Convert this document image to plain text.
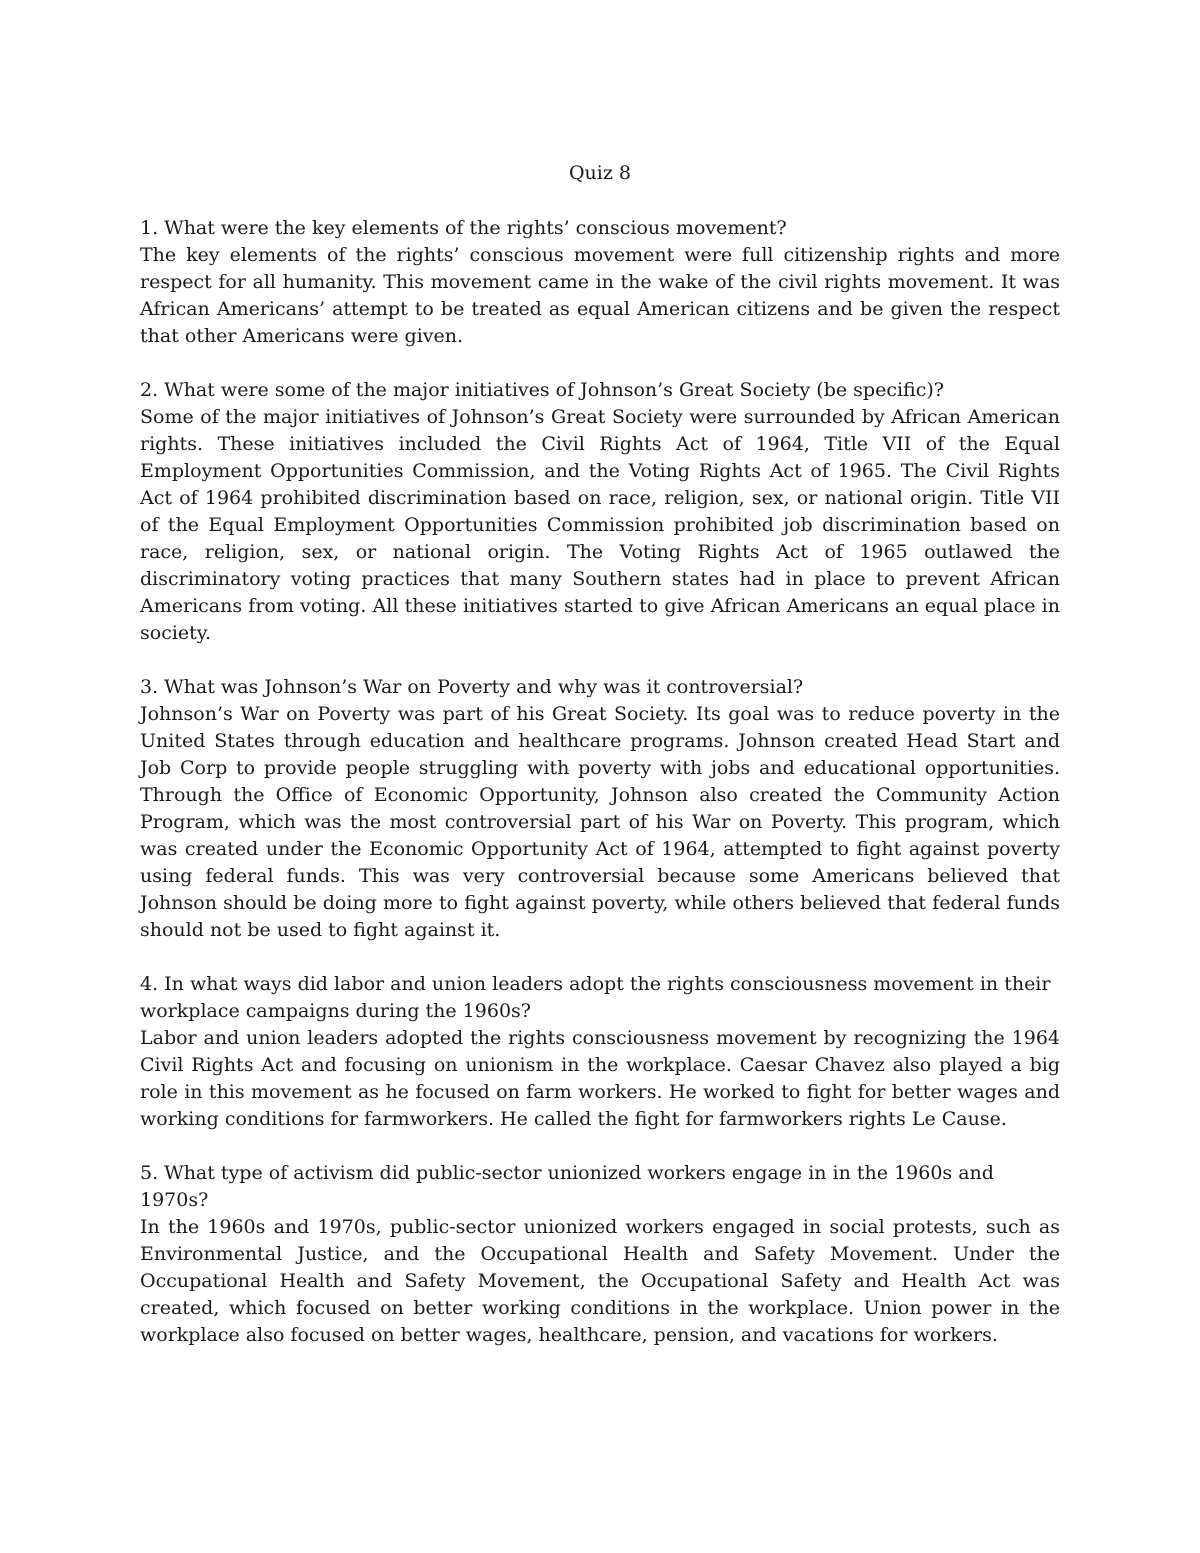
Quiz 8

1. What were the key elements of the rights’ conscious movement?

The key elements of the rights’ conscious movement were full citizenship rights and more respect for all humanity. This movement came in the wake of the civil rights movement. It was African Americans’ attempt to be treated as equal American citizens and be given the respect that other Americans were given.

2. What were some of the major initiatives of Johnson’s Great Society (be specific)?

Some of the major initiatives of Johnson’s Great Society were surrounded by African American rights. These initiatives included the Civil Rights Act of 1964, Title VII of the Equal Employment Opportunities Commission, and the Voting Rights Act of 1965. The Civil Rights Act of 1964 prohibited discrimination based on race, religion, sex, or national origin. Title VII of the Equal Employment Opportunities Commission prohibited job discrimination based on race, religion, sex, or national origin. The Voting Rights Act of 1965 outlawed the discriminatory voting practices that many Southern states had in place to prevent African Americans from voting. All these initiatives started to give African Americans an equal place in society.

3. What was Johnson’s War on Poverty and why was it controversial?

Johnson’s War on Poverty was part of his Great Society. Its goal was to reduce poverty in the United States through education and healthcare programs. Johnson created Head Start and Job Corp to provide people struggling with poverty with jobs and educational opportunities. Through the Office of Economic Opportunity, Johnson also created the Community Action Program, which was the most controversial part of his War on Poverty. This program, which was created under the Economic Opportunity Act of 1964, attempted to fight against poverty using federal funds. This was very controversial because some Americans believed that Johnson should be doing more to fight against poverty, while others believed that federal funds should not be used to fight against it.

4. In what ways did labor and union leaders adopt the rights consciousness movement in their workplace campaigns during the 1960s?

Labor and union leaders adopted the rights consciousness movement by recognizing the 1964 Civil Rights Act and focusing on unionism in the workplace. Caesar Chavez also played a big role in this movement as he focused on farm workers. He worked to fight for better wages and working conditions for farmworkers. He called the fight for farmworkers rights Le Cause.

5. What type of activism did public-sector unionized workers engage in in the 1960s and 1970s?

In the 1960s and 1970s, public-sector unionized workers engaged in social protests, such as Environmental Justice, and the Occupational Health and Safety Movement. Under the Occupational Health and Safety Movement, the Occupational Safety and Health Act was created, which focused on better working conditions in the workplace. Union power in the workplace also focused on better wages, healthcare, pension, and vacations for workers.
